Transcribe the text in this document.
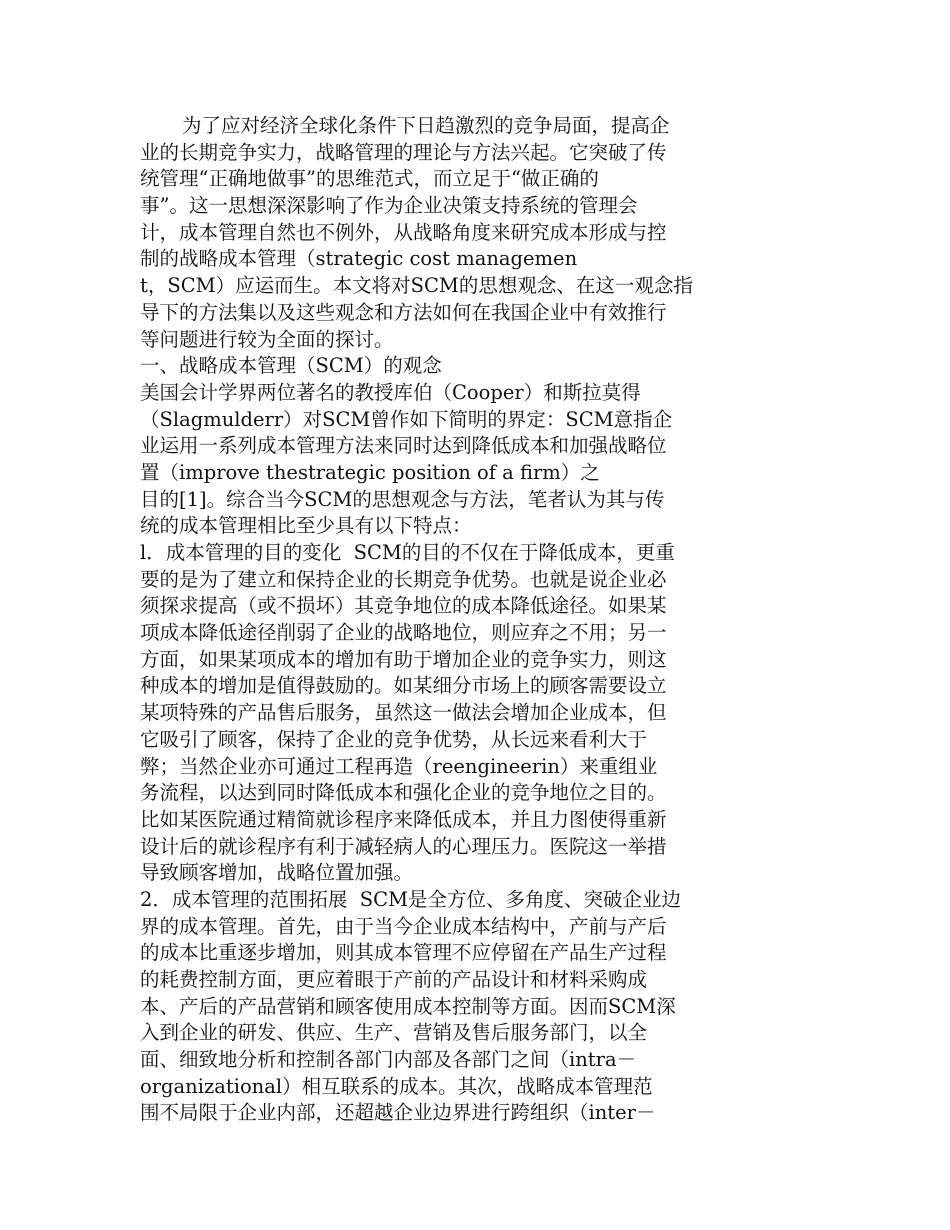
为了应对经济全球化条件下日趋激烈的竞争局面，提高企
业的长期竞争实力，战略管理的理论与方法兴起。它突破了传
统管理“正确地做事”的思维范式，而立足于“做正确的
事”。这一思想深深影响了作为企业决策支持系统的管理会
计，成本管理自然也不例外，从战略角度来研究成本形成与控
制的战略成本管理（strategic cost managemen
t，SCM）应运而生。本文将对SCM的思想观念、在这一观念指
导下的方法集以及这些观念和方法如何在我国企业中有效推行
等问题进行较为全面的探讨。
一、战略成本管理（SCM）的观念
美国会计学界两位著名的教授库伯（Cooper）和斯拉莫得
（Slagmulderr）对SCM曾作如下简明的界定：SCM意指企
业运用一系列成本管理方法来同时达到降低成本和加强战略位
置（improve thestrategic position of a firm）之
目的[1]。综合当今SCM的思想观念与方法，笔者认为其与传
统的成本管理相比至少具有以下特点：
l．成本管理的目的变化  SCM的目的不仅在于降低成本，更重
要的是为了建立和保持企业的长期竞争优势。也就是说企业必
须探求提高（或不损坏）其竞争地位的成本降低途径。如果某
项成本降低途径削弱了企业的战略地位，则应弃之不用；另一
方面，如果某项成本的增加有助于增加企业的竞争实力，则这
种成本的增加是值得鼓励的。如某细分市场上的顾客需要设立
某项特殊的产品售后服务，虽然这一做法会增加企业成本，但
它吸引了顾客，保持了企业的竞争优势，从长远来看利大于
弊；当然企业亦可通过工程再造（reengineerin）来重组业
务流程，以达到同时降低成本和强化企业的竞争地位之目的。
比如某医院通过精简就诊程序来降低成本，并且力图使得重新
设计后的就诊程序有利于减轻病人的心理压力。医院这一举措
导致顾客增加，战略位置加强。
2．成本管理的范围拓展  SCM是全方位、多角度、突破企业边
界的成本管理。首先，由于当今企业成本结构中，产前与产后
的成本比重逐步增加，则其成本管理不应停留在产品生产过程
的耗费控制方面，更应着眼于产前的产品设计和材料采购成
本、产后的产品营销和顾客使用成本控制等方面。因而SCM深
入到企业的研发、供应、生产、营销及售后服务部门，以全
面、细致地分析和控制各部门内部及各部门之间（intra－
organizational）相互联系的成本。其次，战略成本管理范
围不局限于企业内部，还超越企业边界进行跨组织（inter－
